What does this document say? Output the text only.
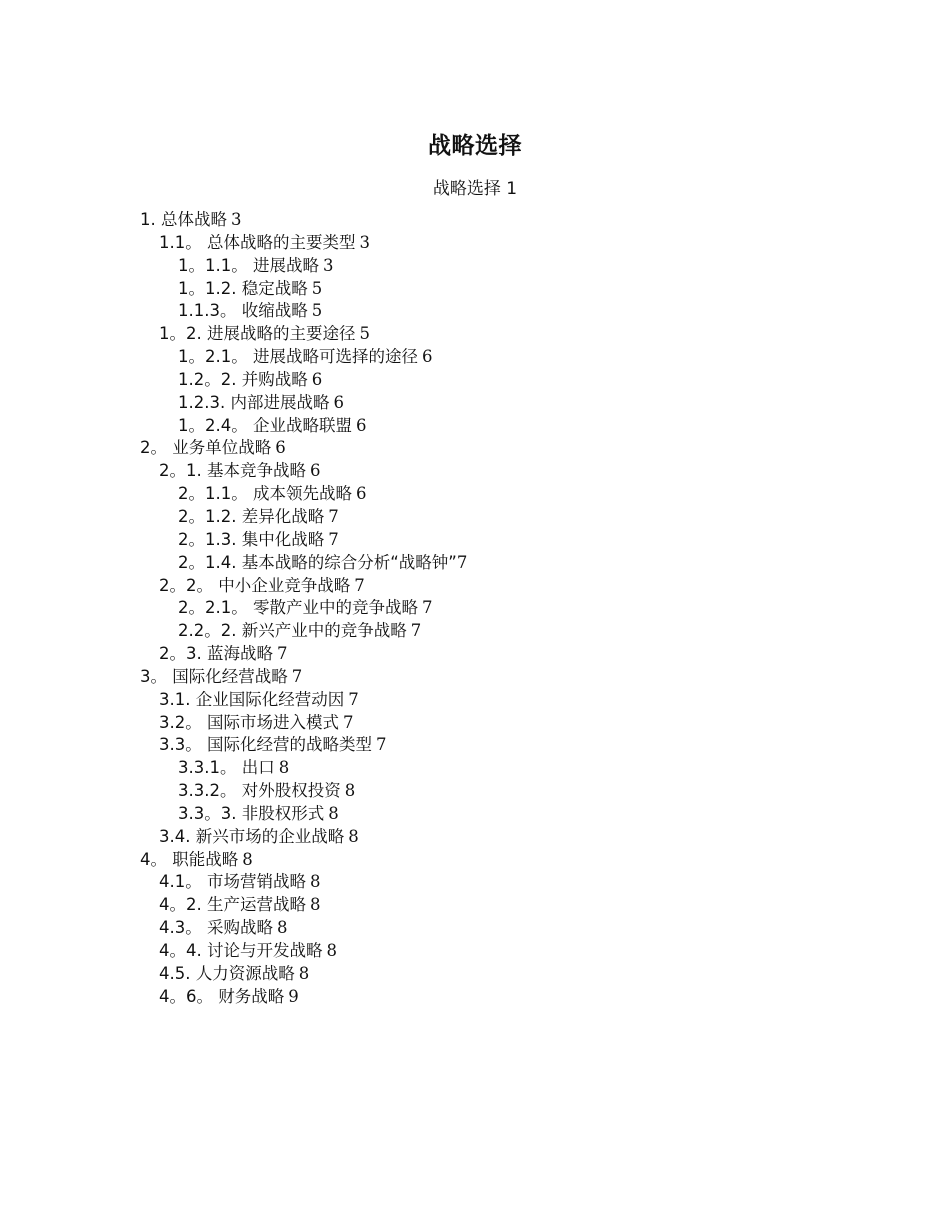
战略选择
战略选择 1
1. 总体战略 3
1.1。 总体战略的主要类型 3
1。1.1。 进展战略 3
1。1.2. 稳定战略 5
1.1.3。 收缩战略 5
1。2. 进展战略的主要途径 5
1。2.1。 进展战略可选择的途径 6
1.2。2. 并购战略 6
1.2.3. 内部进展战略 6
1。2.4。 企业战略联盟 6
2。 业务单位战略 6
2。1. 基本竞争战略 6
2。1.1。 成本领先战略 6
2。1.2. 差异化战略 7
2。1.3. 集中化战略 7
2。1.4. 基本战略的综合分析“战略钟”7
2。2。 中小企业竞争战略 7
2。2.1。 零散产业中的竞争战略 7
2.2。2. 新兴产业中的竞争战略 7
2。3. 蓝海战略 7
3。 国际化经营战略 7
3.1. 企业国际化经营动因 7
3.2。 国际市场进入模式 7
3.3。 国际化经营的战略类型 7
3.3.1。 出口 8
3.3.2。 对外股权投资 8
3.3。3. 非股权形式 8
3.4. 新兴市场的企业战略 8
4。 职能战略 8
4.1。 市场营销战略 8
4。2. 生产运营战略 8
4.3。 采购战略 8
4。4. 讨论与开发战略 8
4.5. 人力资源战略 8
4。6。 财务战略 9
